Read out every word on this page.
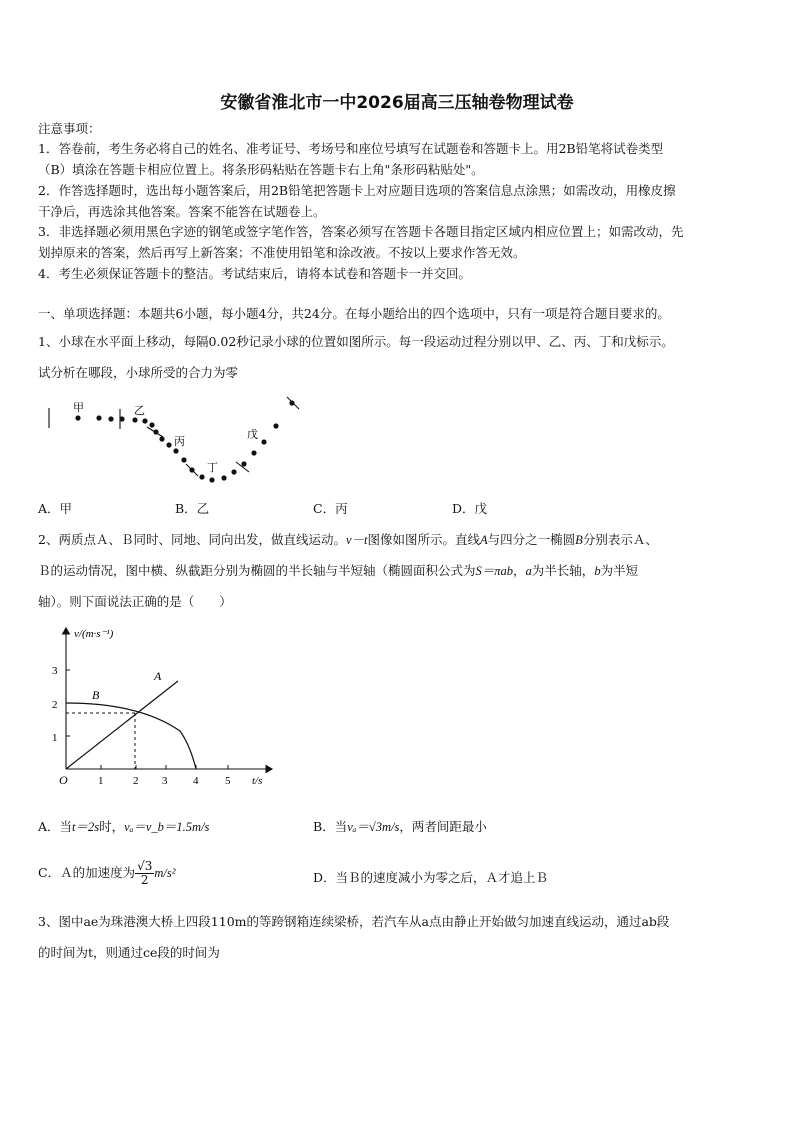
安徽省淮北市一中2026届高三压轴卷物理试卷
注意事项：
1．答卷前，考生务必将自己的姓名、准考证号、考场号和座位号填写在试题卷和答题卡上。用2B铅笔将试卷类型
（B）填涂在答题卡相应位置上。将条形码粘贴在答题卡右上角"条形码粘贴处"。
2．作答选择题时，选出每小题答案后，用2B铅笔把答题卡上对应题目选项的答案信息点涂黑；如需改动，用橡皮擦
干净后，再选涂其他答案。答案不能答在试题卷上。
3．非选择题必须用黑色字迹的钢笔或签字笔作答，答案必须写在答题卡各题目指定区域内相应位置上；如需改动，先
划掉原来的答案，然后再写上新答案；不准使用铅笔和涂改液。不按以上要求作答无效。
4．考生必须保证答题卡的整洁。考试结束后，请将本试卷和答题卡一并交回。
一、单项选择题：本题共6小题，每小题4分，共24分。在每小题给出的四个选项中，只有一项是符合题目要求的。
1、小球在水平面上移动，每隔0.02秒记录小球的位置如图所示。每一段运动过程分别以甲、乙、丙、丁和戊标示。
试分析在哪段，小球所受的合力为零
甲	乙
丙
丁
戊
A．甲	B．乙	C．丙	D．戊
2、两质点Ａ、Ｂ同时、同地、同向出发，做直线运动。v－t图像如图所示。直线A与四分之一椭圆B分别表示Ａ、
Ｂ的运动情况，图中横、纵截距分别为椭圆的半长轴与半短轴（椭圆面积公式为S＝πab，a为半长轴，b为半短
轴）。则下面说法正确的是（　　）
v/(m·s⁻¹)
t/s
O	1	2 3 4 5
1
2
3	A
B
A．当t＝2s时，vₐ＝v_b＝1.5m/s	B．当vₐ＝√3m/s，两者间距最小
C．Ａ的加速度为 $\frac{√3}{2} m/s^2$	D．当Ｂ的速度减小为零之后，Ａ才追上Ｂ
3、图中ae为珠港澳大桥上四段110m的等跨钢箱连续梁桥，若汽车从a点由静止开始做匀加速直线运动，通过ab段
的时间为t，则通过ce段的时间为
